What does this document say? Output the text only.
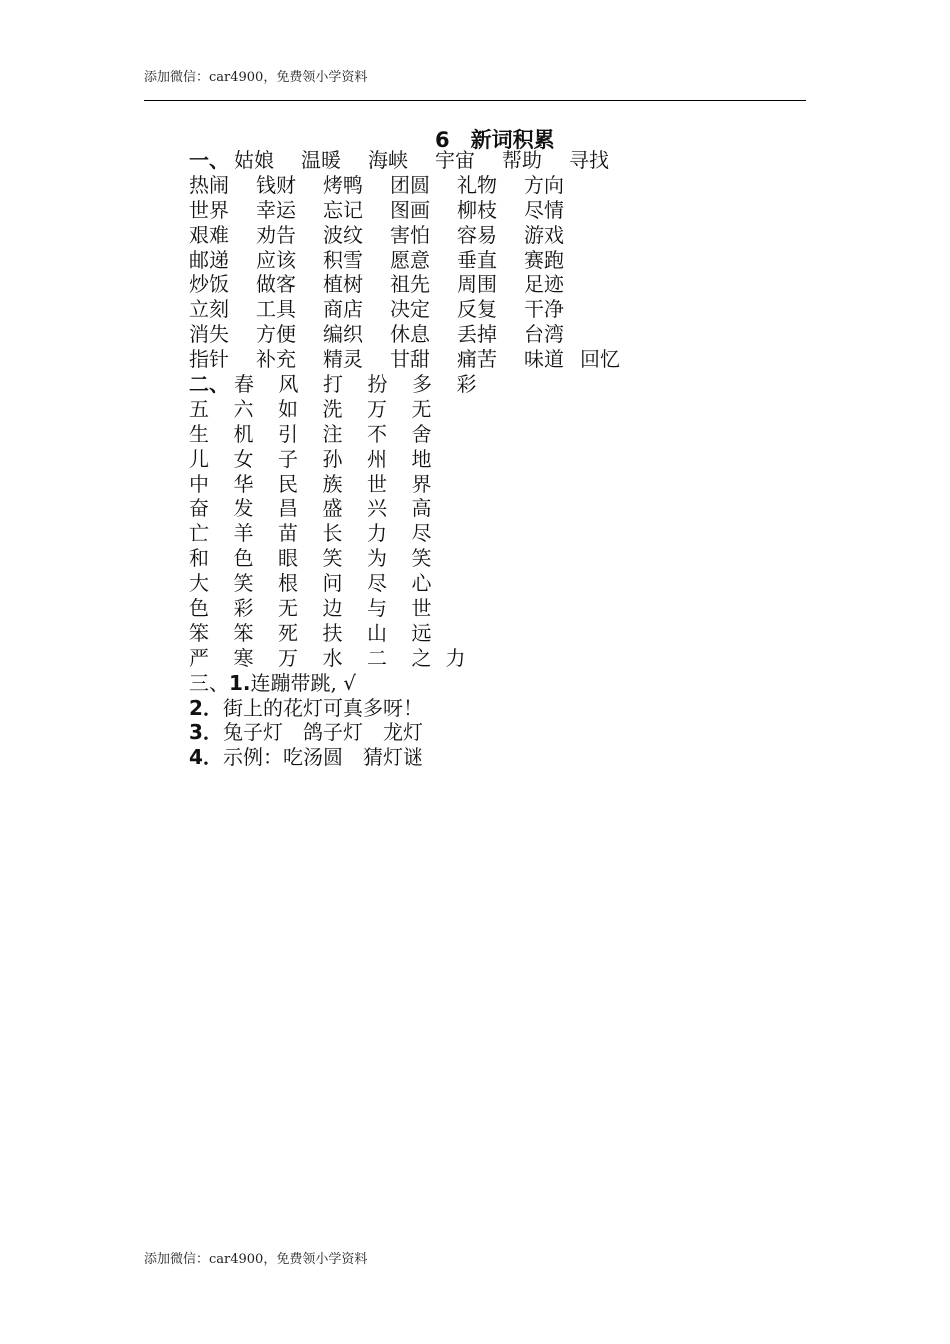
添加微信：car4900，免费领小学资料
6　新词积累
一、 姑娘	温暖	海峡	宇宙	帮助	寻找
热闹	钱财	烤鸭	团圆	礼物	方向
世界	幸运	忘记	图画	柳枝	尽情
艰难	劝告	波纹	害怕	容易	游戏
邮递	应该	积雪	愿意	垂直	赛跑
炒饭	做客	植树	祖先	周围	足迹
立刻	工具	商店	决定	反复	干净
消失	方便	编织	休息	丢掉	台湾
指针	补充	精灵	甘甜	痛苦	味道 回忆
二、 春	风	打	扮	多	彩
五	六	如	洗	万	无
生	机	引	注	不	舍
儿	女	子	孙	州	地
中	华	民	族	世	界
奋	发	昌	盛	兴	高
亡	羊	苗	长	力	尽
和	色	眼	笑	为	笑
大	笑	根	问	尽	心
色	彩	无	边	与	世
笨	笨	死	扶	山	远
严	寒	万	水	二	之 力
三、 1. 连蹦带跳, √
2． 街上的花灯可真多呀！
3． 兔子灯　鸽子灯　龙灯
4． 示例：吃汤圆　猜灯谜
添加微信：car4900，免费领小学资料
